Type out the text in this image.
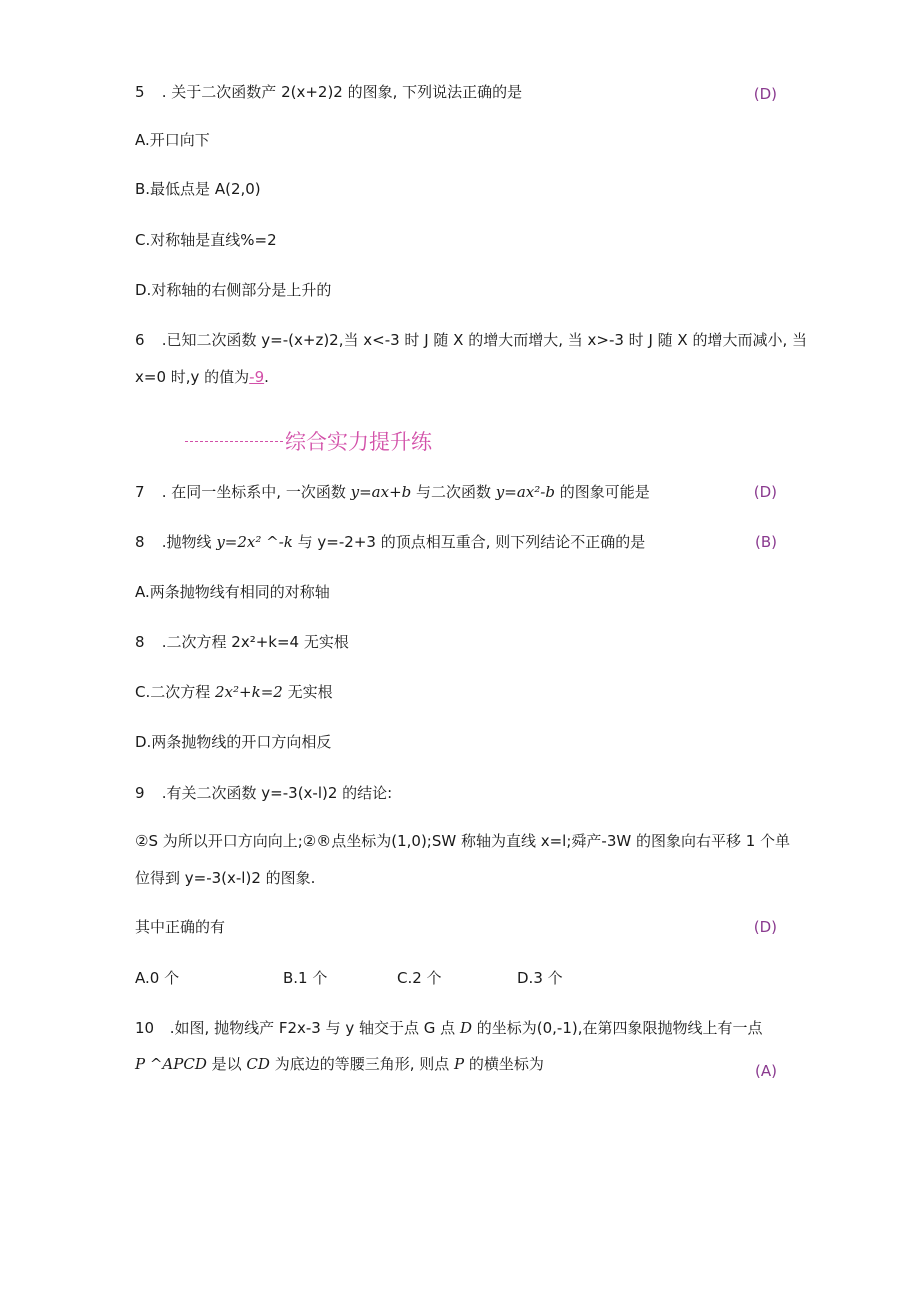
5 . 关于二次函数产 2(x+2)2 的图象, 下列说法正确的是	(D)
A.开口向下
B.最低点是 A(2,0)
C.对称轴是直线%=2
D.对称轴的右侧部分是上升的
6 .已知二次函数 y=-(x+z)2,当 x<-3 时 J 随 X 的增大而增大, 当 x>-3 时 J 随 X 的增大而减小, 当
x=0 时,y 的值为-9.
综合实力提升练
7 . 在同一坐标系中, 一次函数 y=ax+b 与二次函数 y=ax²-b 的图象可能是	(D)
8 .抛物线 y=2x² ^-k 与 y=-2+3 的顶点相互重合, 则下列结论不正确的是	(B)
A.两条抛物线有相同的对称轴
8 .二次方程 2x²+k=4 无实根
C.二次方程 2x²+k=2 无实根
D.两条抛物线的开口方向相反
9 .有关二次函数 y=-3(x-l)2 的结论:
②S 为所以开口方向向上;②®点坐标为(1,0);SW 称轴为直线 x=l;舜产-3W 的图象向右平移 1 个单
位得到 y=-3(x-l)2 的图象.
其中正确的有	(D)
A.0 个	B.1 个	C.2 个	D.3 个
10 .如图, 抛物线产 F2x-3 与 y 轴交于点 G 点 D 的坐标为(0,-1),在第四象限抛物线上有一点
P ^APCD 是以 CD 为底边的等腰三角形, 则点 P 的横坐标为	(A)
